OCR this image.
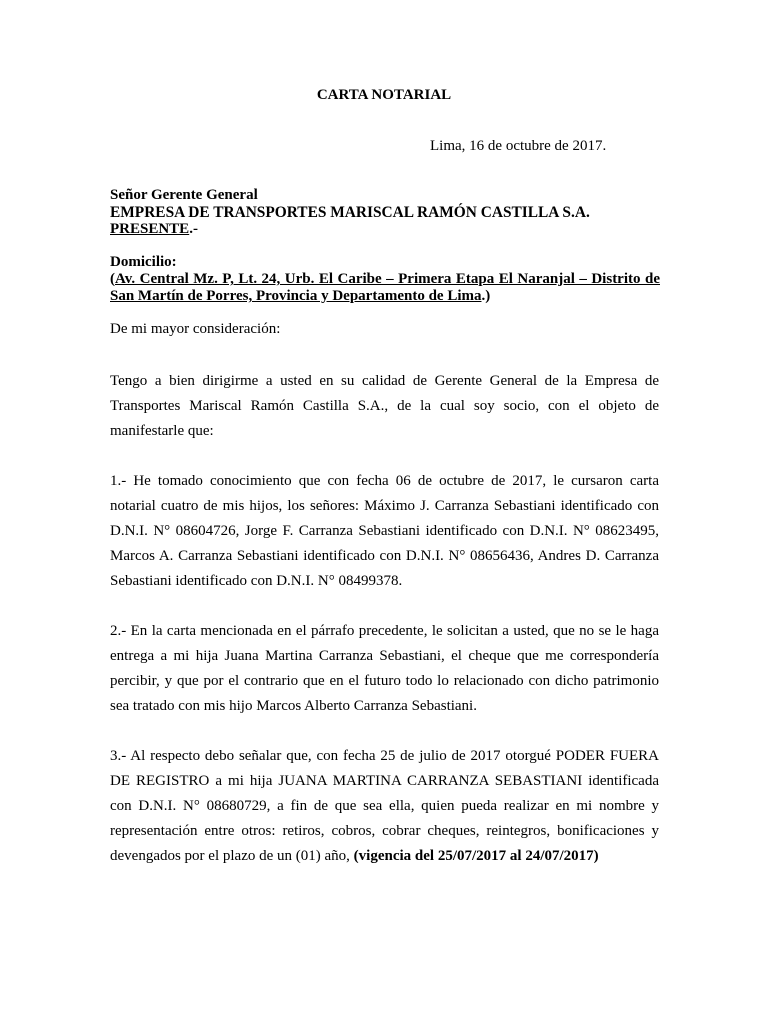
CARTA NOTARIAL
Lima, 16 de octubre de 2017.
Señor Gerente General
EMPRESA DE TRANSPORTES MARISCAL RAMÓN CASTILLA S.A.
PRESENTE.-
Domicilio:
(Av. Central Mz. P, Lt. 24, Urb. El Caribe – Primera Etapa El Naranjal – Distrito de San Martín de Porres, Provincia y Departamento de Lima.)
De mi mayor consideración:
Tengo a bien dirigirme a usted en su calidad de Gerente General de la Empresa de Transportes Mariscal Ramón Castilla S.A., de la cual soy socio, con el objeto de manifestarle que:
1.- He tomado conocimiento que con fecha 06 de octubre de 2017, le cursaron carta notarial cuatro de mis hijos, los señores: Máximo J. Carranza Sebastiani identificado con D.N.I. N° 08604726, Jorge F. Carranza Sebastiani identificado con D.N.I. N° 08623495, Marcos A. Carranza Sebastiani identificado con D.N.I. N° 08656436, Andres D. Carranza Sebastiani identificado con D.N.I. N° 08499378.
2.- En la carta mencionada en el párrafo precedente, le solicitan a usted, que no se le haga entrega a mi hija Juana Martina Carranza Sebastiani, el cheque que me correspondería percibir, y que por el contrario que en el futuro todo lo relacionado con dicho patrimonio sea tratado con mis hijo Marcos Alberto Carranza Sebastiani.
3.- Al respecto debo señalar que, con fecha 25 de julio de 2017 otorgué PODER FUERA DE REGISTRO a mi hija JUANA MARTINA CARRANZA SEBASTIANI identificada con D.N.I. N° 08680729, a fin de que sea ella, quien pueda realizar en mi nombre y representación entre otros: retiros, cobros, cobrar cheques, reintegros, bonificaciones y devengados por el plazo de un (01) año, (vigencia del 25/07/2017 al 24/07/2017)
